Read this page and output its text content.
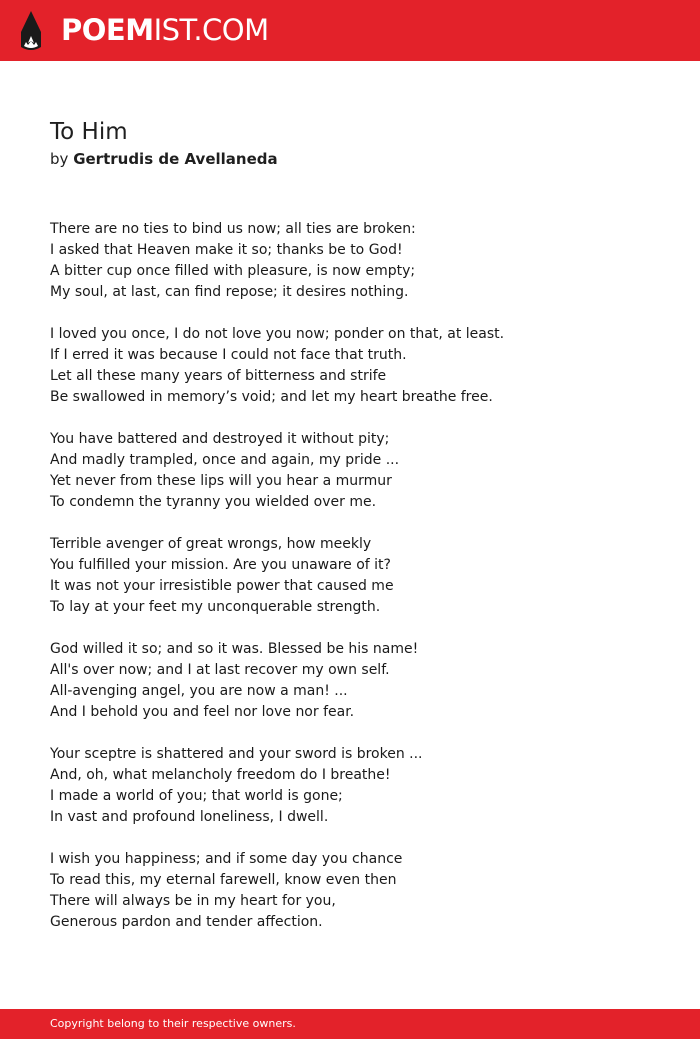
POEMIST.COM
To Him
by Gertrudis de Avellaneda
There are no ties to bind us now; all ties are broken:
I asked that Heaven make it so; thanks be to God!
A bitter cup once filled with pleasure, is now empty;
My soul, at last, can find repose; it desires nothing.
I loved you once, I do not love you now; ponder on that, at least.
If I erred it was because I could not face that truth.
Let all these many years of bitterness and strife
Be swallowed in memory’s void; and let my heart breathe free.
You have battered and destroyed it without pity;
And madly trampled, once and again, my pride ...
Yet never from these lips will you hear a murmur
To condemn the tyranny you wielded over me.
Terrible avenger of great wrongs, how meekly
You fulfilled your mission. Are you unaware of it?
It was not your irresistible power that caused me
To lay at your feet my unconquerable strength.
God willed it so; and so it was. Blessed be his name!
All's over now; and I at last recover my own self.
All-avenging angel, you are now a man! ...
And I behold you and feel nor love nor fear.
Your sceptre is shattered and your sword is broken ...
And, oh, what melancholy freedom do I breathe!
I made a world of you; that world is gone;
In vast and profound loneliness, I dwell.
I wish you happiness; and if some day you chance
To read this, my eternal farewell, know even then
There will always be in my heart for you,
Generous pardon and tender affection.
Copyright belong to their respective owners.
